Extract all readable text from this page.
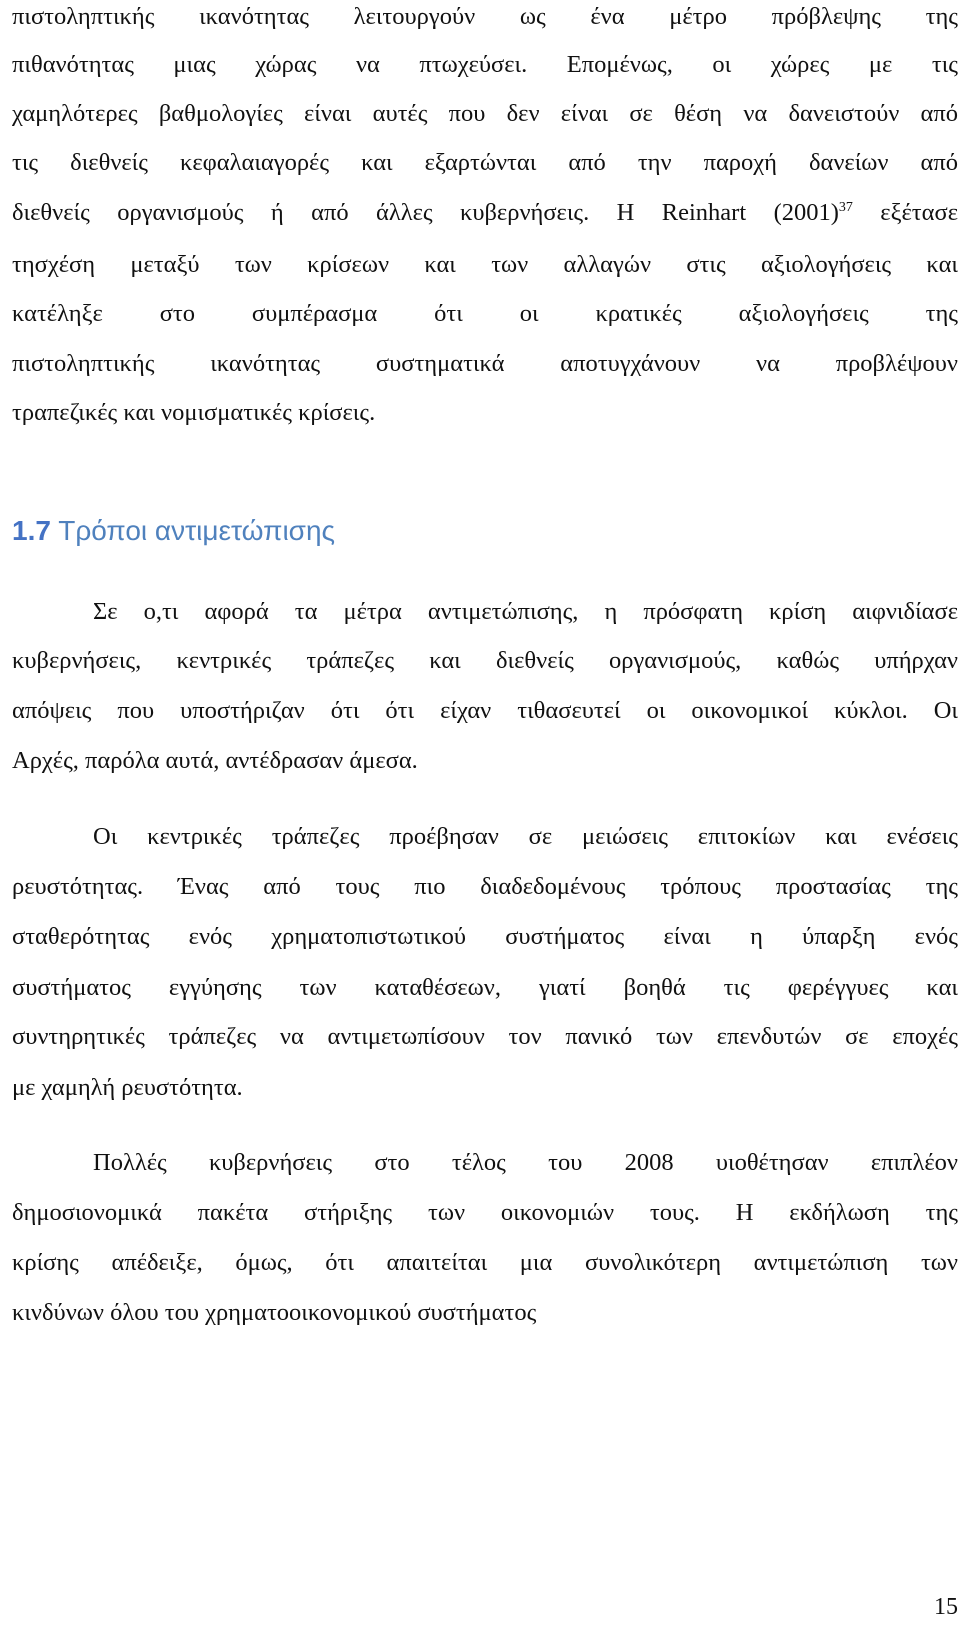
πιστοληπτικής ικανότητας λειτουργούν ως ένα μέτρο πρόβλεψης της
πιθανότητας μιας χώρας να πτωχεύσει. Επομένως, οι χώρες με τις
χαμηλότερες βαθμολογίες είναι αυτές που δεν είναι σε θέση να δανειστούν από
τις διεθνείς κεφαλαιαγορές και εξαρτώνται από την παροχή δανείων από
διεθνείς οργανισμούς ή από άλλες κυβερνήσεις. Η Reinhart $(2001)^{37}$ εξέτασε
τησχέση μεταξύ των κρίσεων και των αλλαγών στις αξιολογήσεις και
κατέληξε στο συμπέρασμα ότι οι κρατικές αξιολογήσεις της
πιστοληπτικής ικανότητας συστηματικά αποτυγχάνουν να προβλέψουν
τραπεζικές και νομισματικές κρίσεις.
1.7 Τρόποι αντιμετώπισης
Σε ο,τι αφορά τα μέτρα αντιμετώπισης, η πρόσφατη κρίση αιφνιδίασε
κυβερνήσεις, κεντρικές τράπεζες και διεθνείς οργανισμούς, καθώς υπήρχαν
απόψεις που υποστήριζαν ότι ότι είχαν τιθασευτεί οι οικονομικοί κύκλοι. Οι
Αρχές, παρόλα αυτά, αντέδρασαν άμεσα.
Οι κεντρικές τράπεζες προέβησαν σε μειώσεις επιτοκίων και ενέσεις
ρευστότητας. Ένας από τους πιο διαδεδομένους τρόπους προστασίας της
σταθερότητας ενός χρηματοπιστωτικού συστήματος είναι η ύπαρξη ενός
συστήματος εγγύησης των καταθέσεων, γιατί βοηθά τις φερέγγυες και
συντηρητικές τράπεζες να αντιμετωπίσουν τον πανικό των επενδυτών σε εποχές
με χαμηλή ρευστότητα.
Πολλές κυβερνήσεις στο τέλος του 2008 υιοθέτησαν επιπλέον
δημοσιονομικά πακέτα στήριξης των οικονομιών τους. Η εκδήλωση της
κρίσης απέδειξε, όμως, ότι απαιτείται μια συνολικότερη αντιμετώπιση των
κινδύνων όλου του χρηματοοικονομικού συστήματος
15
